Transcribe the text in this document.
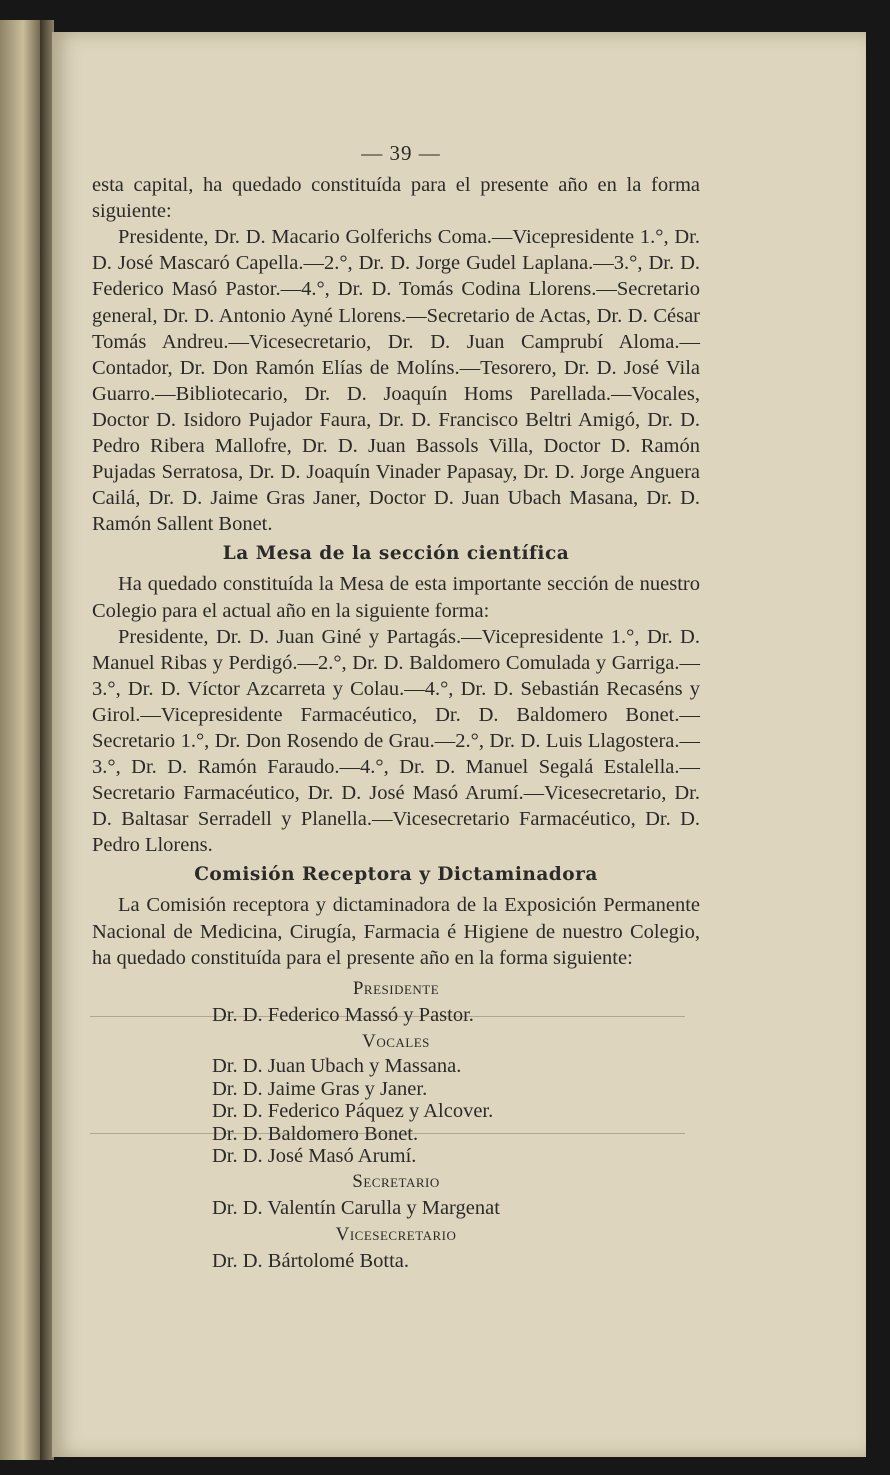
— 39 —

esta capital, ha quedado constituída para el presente año en la forma siguiente:

Presidente, Dr. D. Macario Golferichs Coma.—Vicepresidente 1.°, Dr. D. José Mascaró Capella.—2.°, Dr. D. Jorge Gudel Laplana.—3.°, Dr. D. Federico Masó Pastor.—4.°, Dr. D. Tomás Codina Llorens.—Secretario general, Dr. D. Antonio Ayné Llorens.—Secretario de Actas, Dr. D. César Tomás Andreu.—Vicesecretario, Dr. D. Juan Camprubí Aloma.—Contador, Dr. Don Ramón Elías de Molíns.—Tesorero, Dr. D. José Vila Guarro.—Bibliotecario, Dr. D. Joaquín Homs Parellada.—Vocales, Doctor D. Isidoro Pujador Faura, Dr. D. Francisco Beltri Amigó, Dr. D. Pedro Ribera Mallofre, Dr. D. Juan Bassols Villa, Doctor D. Ramón Pujadas Serratosa, Dr. D. Joaquín Vinader Papasay, Dr. D. Jorge Anguera Cailá, Dr. D. Jaime Gras Janer, Doctor D. Juan Ubach Masana, Dr. D. Ramón Sallent Bonet.

La Mesa de la sección científica

Ha quedado constituída la Mesa de esta importante sección de nuestro Colegio para el actual año en la siguiente forma:

Presidente, Dr. D. Juan Giné y Partagás.—Vicepresidente 1.°, Dr. D. Manuel Ribas y Perdigó.—2.°, Dr. D. Baldomero Comulada y Garriga.—3.°, Dr. D. Víctor Azcarreta y Colau.—4.°, Dr. D. Sebastián Recaséns y Girol.—Vicepresidente Farmacéutico, Dr. D. Baldomero Bonet.—Secretario 1.°, Dr. Don Rosendo de Grau.—2.°, Dr. D. Luis Llagostera.—3.°, Dr. D. Ramón Faraudo.—4.°, Dr. D. Manuel Segalá Estalella.—Secretario Farmacéutico, Dr. D. José Masó Arumí.—Vicesecretario, Dr. D. Baltasar Serradell y Planella.—Vicesecretario Farmacéutico, Dr. D. Pedro Llorens.

Comisión Receptora y Dictaminadora

La Comisión receptora y dictaminadora de la Exposición Permanente Nacional de Medicina, Cirugía, Farmacia é Higiene de nuestro Colegio, ha quedado constituída para el presente año en la forma siguiente:

Presidente
Dr. D. Federico Massó y Pastor.
Vocales
Dr. D. Juan Ubach y Massana.
Dr. D. Jaime Gras y Janer.
Dr. D. Federico Páquez y Alcover.
Dr. D. Baldomero Bonet.
Dr. D. José Masó Arumí.
Secretario
Dr. D. Valentín Carulla y Margenat
Vicesecretario
Dr. D. Bártolomé Botta.
